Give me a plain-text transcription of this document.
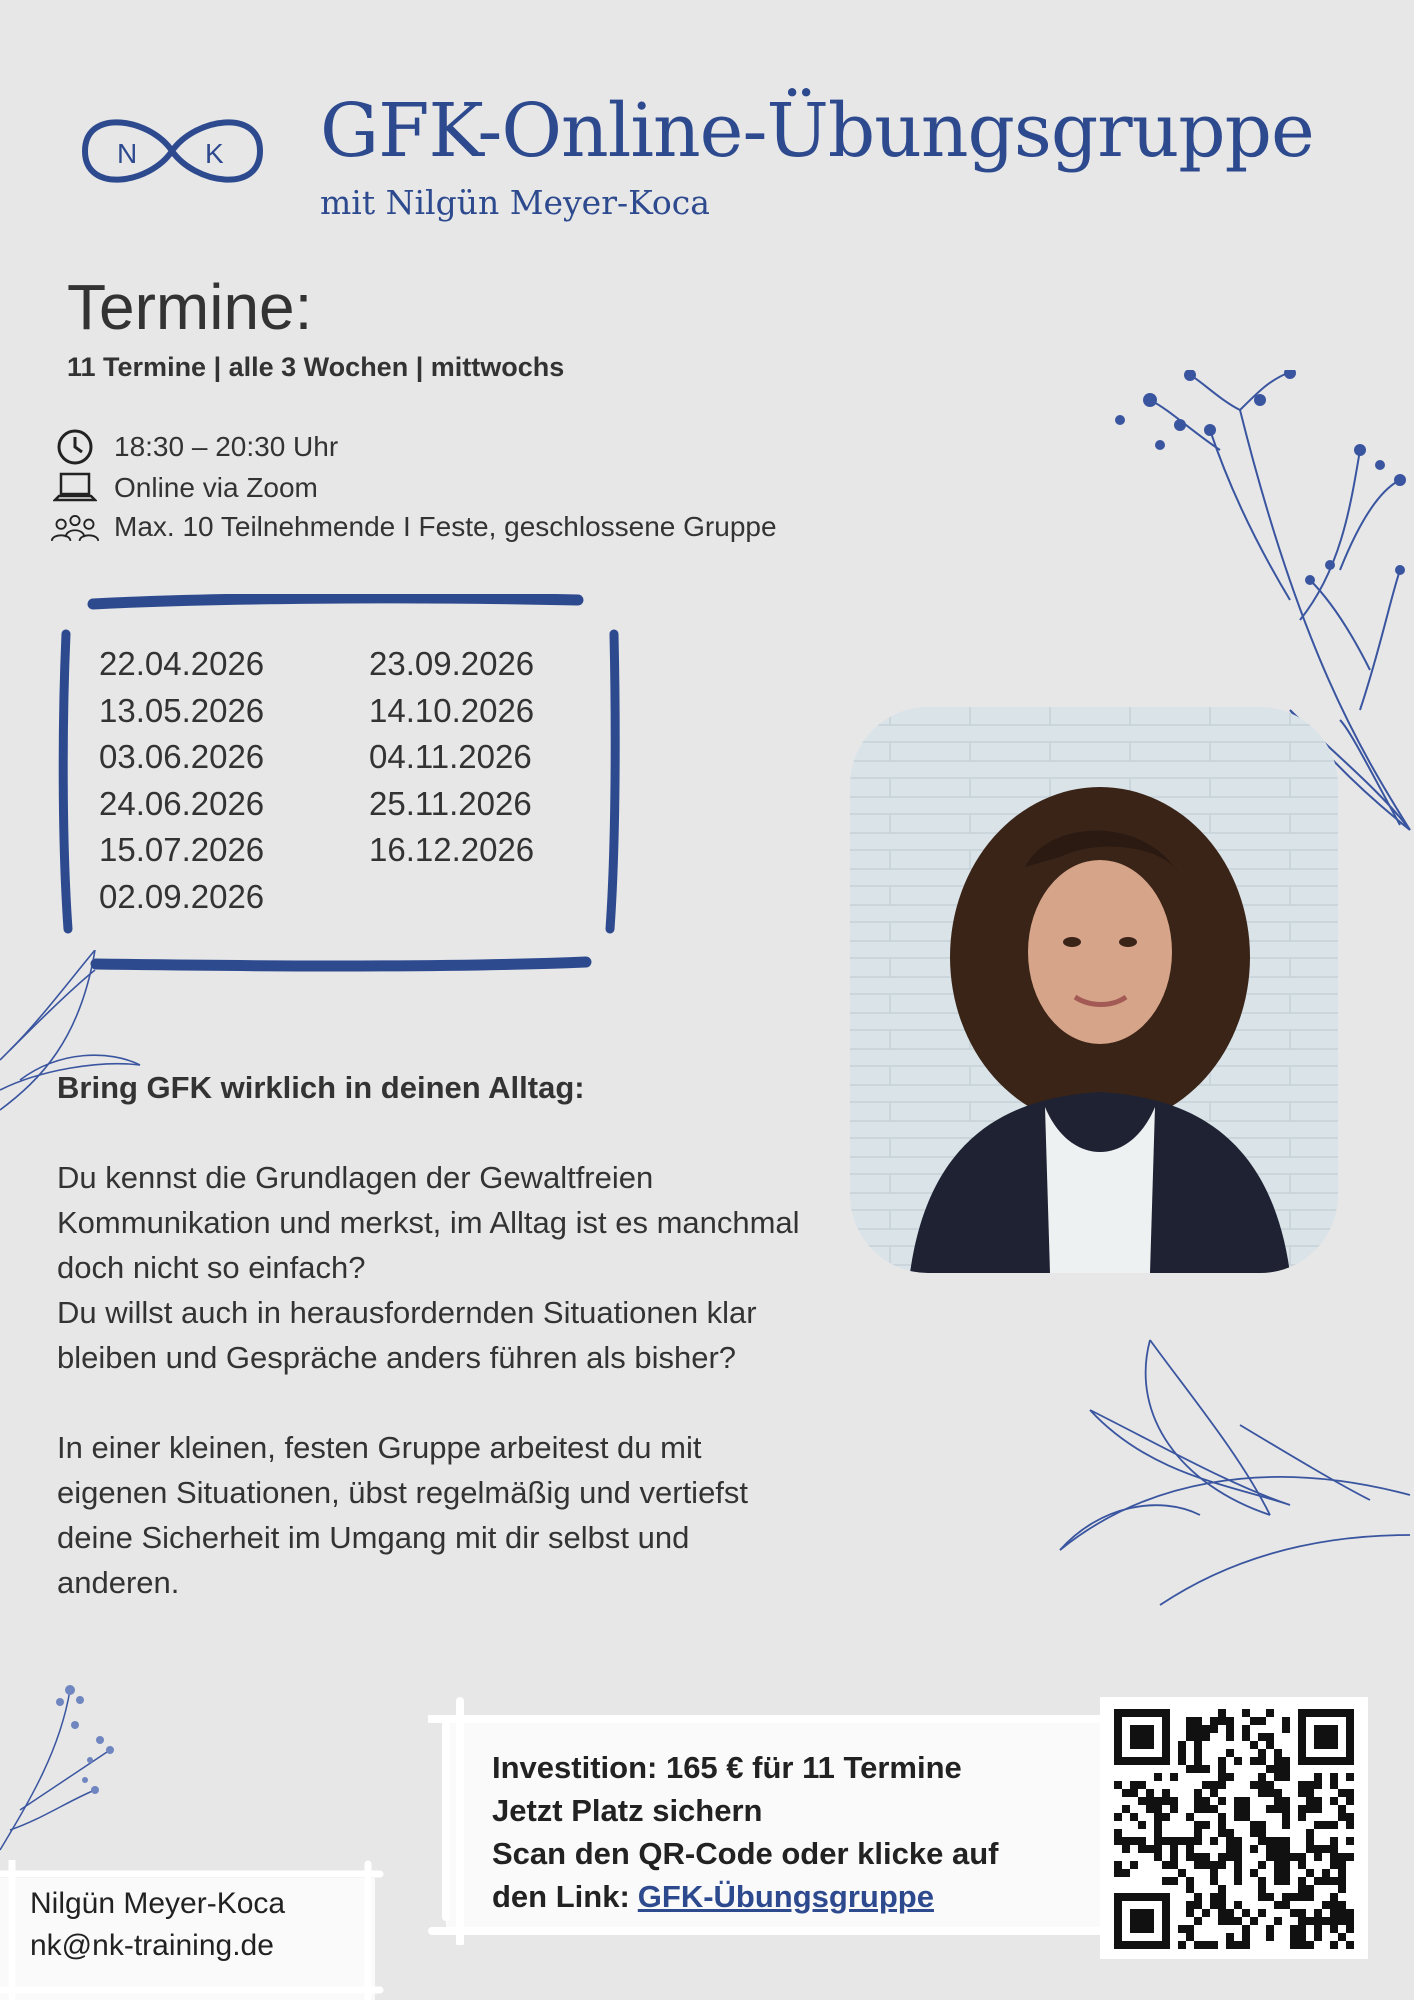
N K GFK-Online-Übungsgruppe
mit Nilgün Meyer-Koca
Termine:
11 Termine | alle 3 Wochen | mittwochs
18:30 – 20:30 Uhr
Online via Zoom
Max. 10 Teilnehmende I Feste, geschlossene Gruppe
22.04.2026
13.05.2026
03.06.2026
24.06.2026
15.07.2026
02.09.2026
23.09.2026
14.10.2026
04.11.2026
25.11.2026
16.12.2026
Bring GFK wirklich in deinen Alltag:
Du kennst die Grundlagen der Gewaltfreien
Kommunikation und merkst, im Alltag ist es manchmal
doch nicht so einfach?
Du willst auch in herausfordernden Situationen klar
bleiben und Gespräche anders führen als bisher?
In einer kleinen, festen Gruppe arbeitest du mit
eigenen Situationen, übst regelmäßig und vertiefst
deine Sicherheit im Umgang mit dir selbst und
anderen.
Investition: 165 € für 11 Termine
Jetzt Platz sichern
Scan den QR-Code oder klicke auf
den Link: GFK-Übungsgruppe
Nilgün Meyer-Koca
nk@nk-training.de
